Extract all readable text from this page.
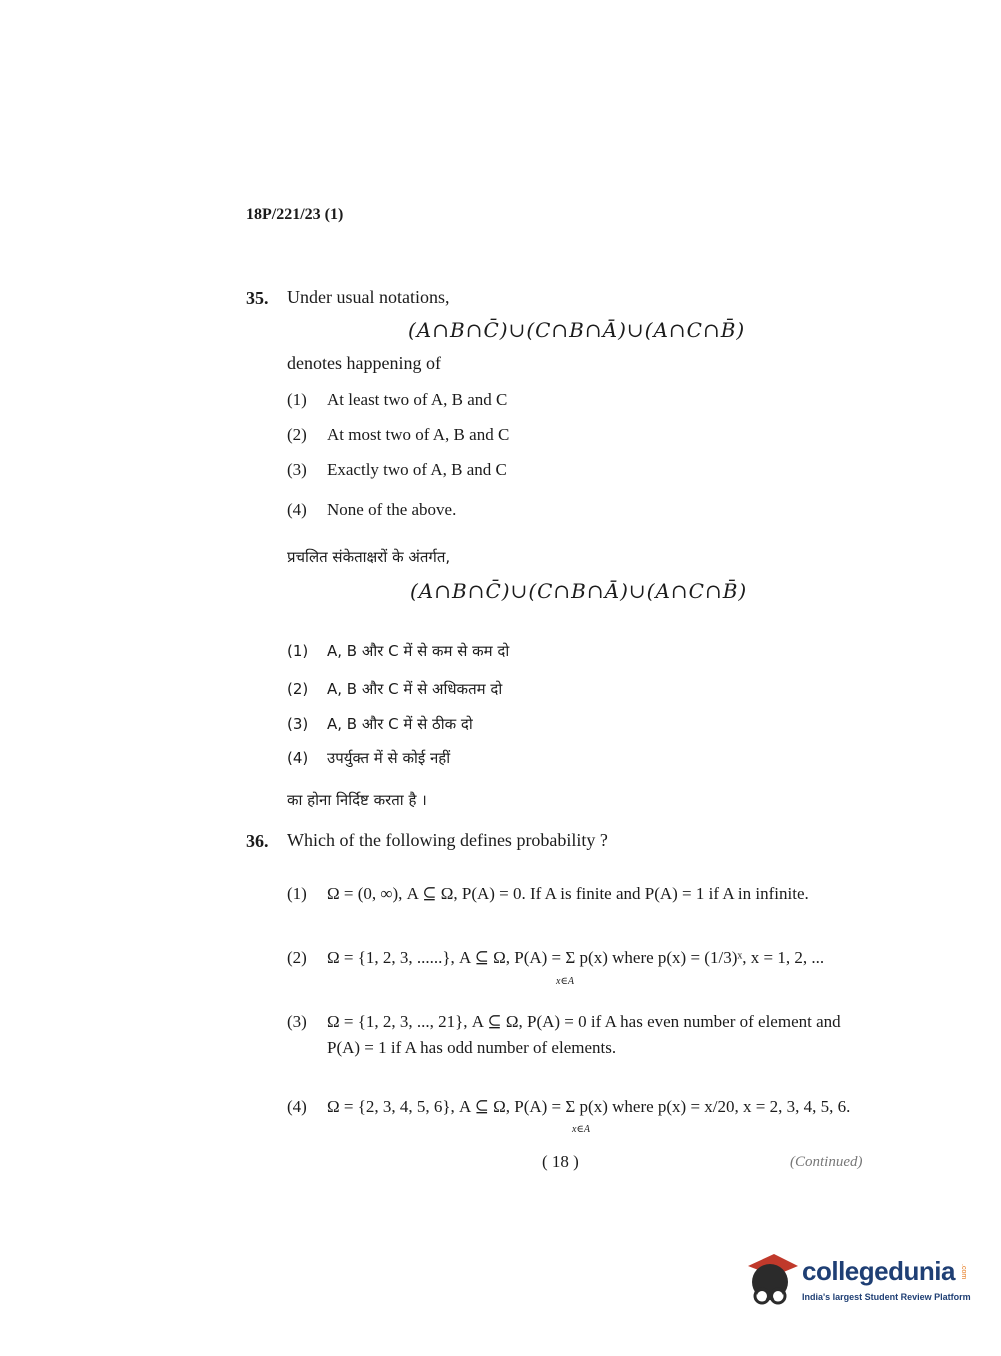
18P/221/23 (1)
35. Under usual notations,
(A∩B∩C̄)∪(C∩B∩Ā)∪(A∩C∩B̄)
denotes happening of
(1) At least two of A, B and C
(2) At most two of A, B and C
(3) Exactly two of A, B and C
(4) None of the above.
प्रचलित संकेताक्षरों के अंतर्गत,
(A∩B∩C̄)∪(C∩B∩Ā)∪(A∩C∩B̄)
(1) A, B और C में से कम से कम दो
(2) A, B और C में से अधिकतम दो
(3) A, B और C में से ठीक दो
(4) उपर्युक्त में से कोई नहीं
का होना निर्दिष्ट करता है ।
36. Which of the following defines probability ?
(1) Ω = (0, ∞), A ⊆ Ω, P(A) = 0. If A is finite and P(A) = 1 if A in infinite.
(2) Ω = {1, 2, 3, ......}, A ⊆ Ω, P(A) = Σ p(x) where p(x) = (1/3)ˣ, x = 1, 2, ...
x∈A
(3) Ω = {1, 2, 3, ..., 21}, A ⊆ Ω, P(A) = 0 if A has even number of element and
P(A) = 1 if A has odd number of elements.
(4) Ω = {2, 3, 4, 5, 6}, A ⊆ Ω, P(A) = Σ p(x) where p(x) = x/20, x = 2, 3, 4, 5, 6.
x∈A
( 18 )	(Continued)
collegedunia .com
India's largest Student Review Platform
